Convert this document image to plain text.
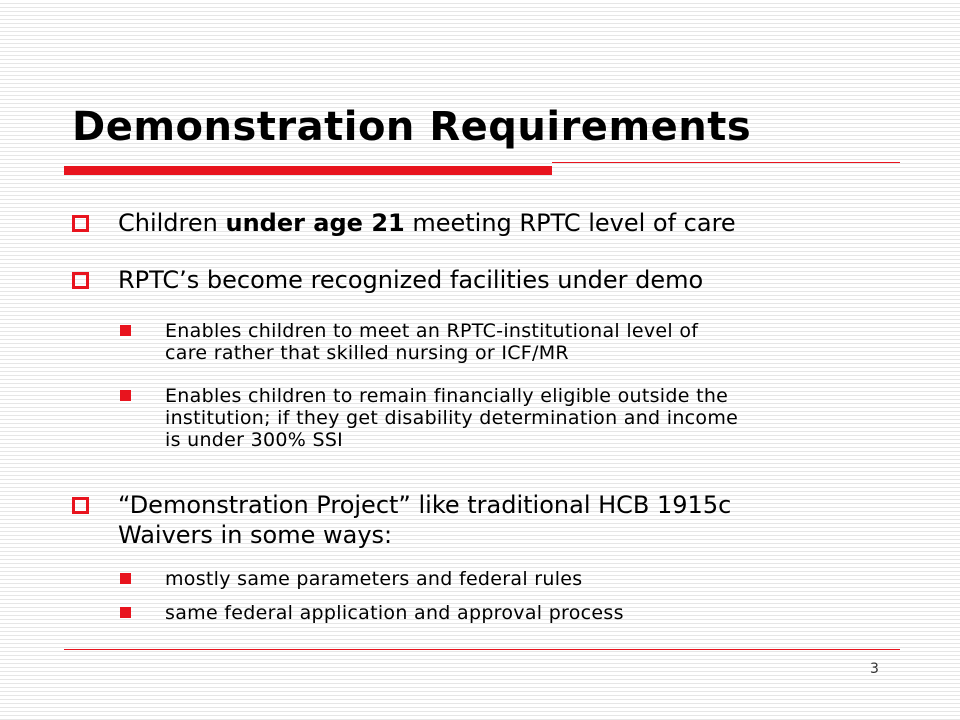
Demonstration Requirements
Children under age 21 meeting RPTC level of care
RPTC’s become recognized facilities under demo
Enables children to meet an RPTC-institutional level of
care rather that skilled nursing or ICF/MR
Enables children to remain financially eligible outside the
institution; if they get disability determination and income
is under 300% SSI
“Demonstration Project” like traditional HCB 1915c
Waivers in some ways:
mostly same parameters and federal rules
same federal application and approval process
3
